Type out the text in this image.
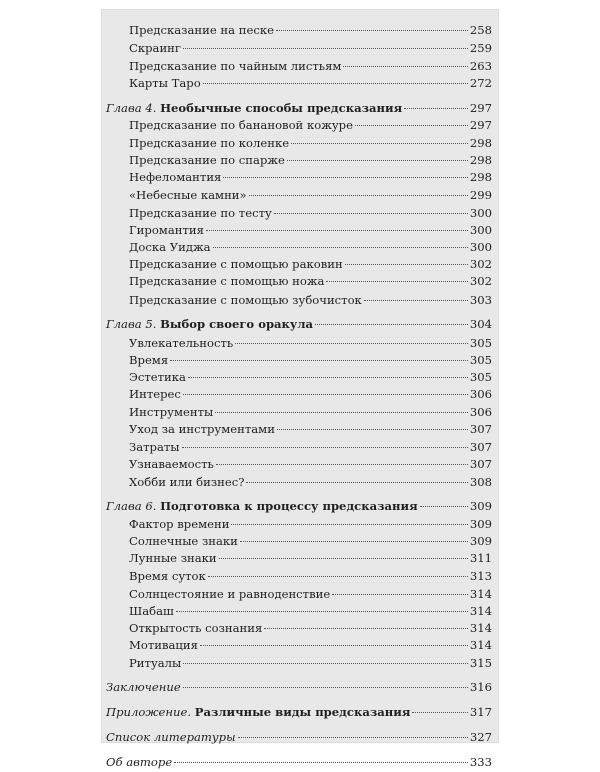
Предсказание на песке	258
Скраинг	259
Предсказание по чайным листьям	263
Карты Таро	272
Глава 4. Необычные способы предсказания	297
Предсказание по банановой кожуре	297
Предсказание по коленке	298
Предсказание по спарже	298
Нефеломантия	298
«Небесные камни»	299
Предсказание по тесту	300
Гиромантия	300
Доска Уиджа	300
Предсказание с помощью раковин	302
Предсказание с помощью ножа	302
Предсказание с помощью зубочисток	303
Глава 5. Выбор своего оракула	304
Увлекательность	305
Время	305
Эстетика	305
Интерес	306
Инструменты	306
Уход за инструментами	307
Затраты	307
Узнаваемость	307
Хобби или бизнес?	308
Глава 6. Подготовка к процессу предсказания	309
Фактор времени	309
Солнечные знаки	309
Лунные знаки	311
Время суток	313
Солнцестояние и равноденствие	314
Шабаш	314
Открытость сознания	314
Мотивация	314
Ритуалы	315
Заключение	316
Приложение. Различные виды предсказания	317
Список литературы	327
Об авторе	333
